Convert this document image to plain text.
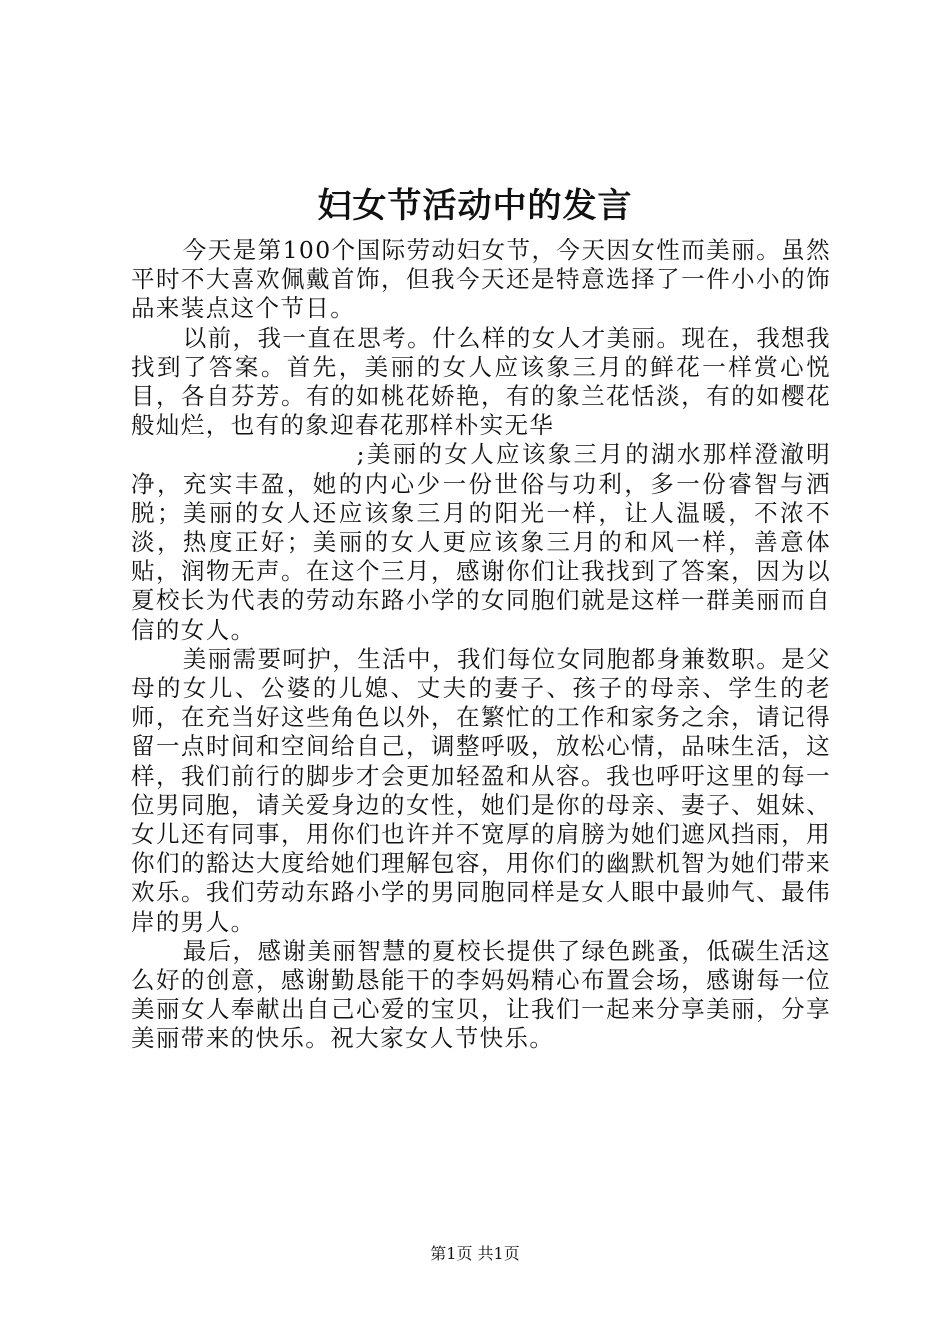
妇女节活动中的发言

今天是第100个国际劳动妇女节，今天因女性而美丽。虽然平时不大喜欢佩戴首饰，但我今天还是特意选择了一件小小的饰品来装点这个节日。

以前，我一直在思考。什么样的女人才美丽。现在，我想我找到了答案。首先，美丽的女人应该象三月的鲜花一样赏心悦目，各自芬芳。有的如桃花娇艳，有的象兰花恬淡，有的如樱花般灿烂，也有的象迎春花那样朴实无华

;美丽的女人应该象三月的湖水那样澄澈明净，充实丰盈，她的内心少一份世俗与功利，多一份睿智与洒脱；美丽的女人还应该象三月的阳光一样，让人温暖，不浓不淡，热度正好；美丽的女人更应该象三月的和风一样，善意体贴，润物无声。在这个三月，感谢你们让我找到了答案，因为以夏校长为代表的劳动东路小学的女同胞们就是这样一群美丽而自信的女人。

美丽需要呵护，生活中，我们每位女同胞都身兼数职。是父母的女儿、公婆的儿媳、丈夫的妻子、孩子的母亲、学生的老师，在充当好这些角色以外，在繁忙的工作和家务之余，请记得留一点时间和空间给自己，调整呼吸，放松心情，品味生活，这样，我们前行的脚步才会更加轻盈和从容。我也呼吁这里的每一位男同胞，请关爱身边的女性，她们是你的母亲、妻子、姐妹、女儿还有同事，用你们也许并不宽厚的肩膀为她们遮风挡雨，用你们的豁达大度给她们理解包容，用你们的幽默机智为她们带来欢乐。我们劳动东路小学的男同胞同样是女人眼中最帅气、最伟岸的男人。

最后，感谢美丽智慧的夏校长提供了绿色跳蚤，低碳生活这么好的创意，感谢勤恳能干的李妈妈精心布置会场，感谢每一位美丽女人奉献出自己心爱的宝贝，让我们一起来分享美丽，分享美丽带来的快乐。祝大家女人节快乐。

第1页 共1页
